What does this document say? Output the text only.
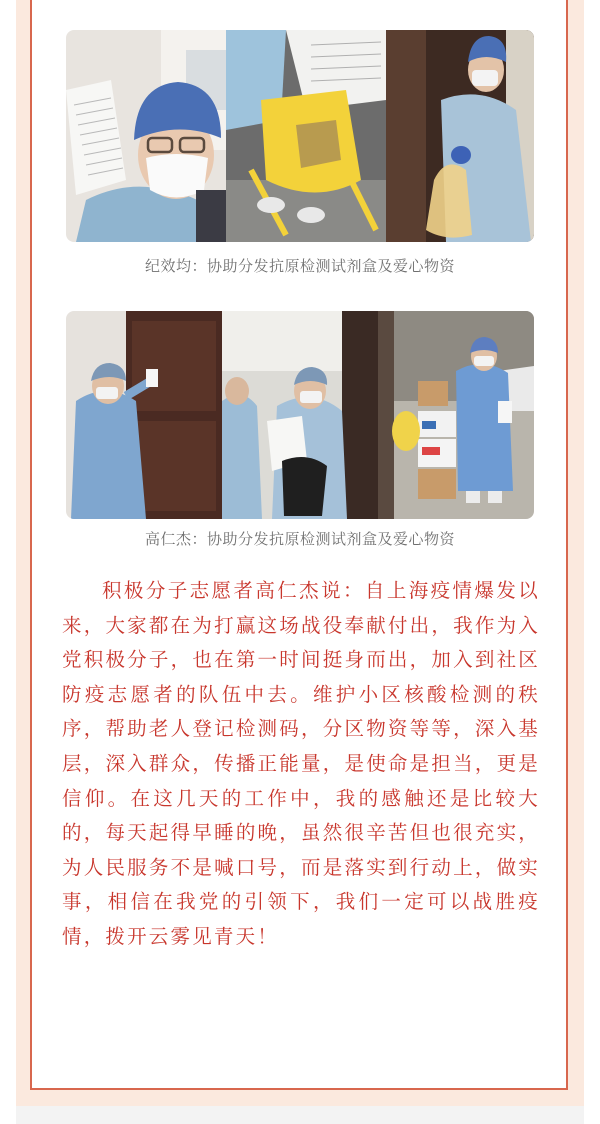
纪效均：协助分发抗原检测试剂盒及爱心物资
高仁杰：协助分发抗原检测试剂盒及爱心物资

积极分子志愿者高仁杰说：自上海疫情爆发以来，大家都在为打赢这场战役奉献付出，我作为入党积极分子，也在第一时间挺身而出，加入到社区防疫志愿者的队伍中去。维护小区核酸检测的秩序，帮助老人登记检测码，分区物资等等，深入基层，深入群众，传播正能量，是使命是担当，更是信仰。在这几天的工作中，我的感触还是比较大的，每天起得早睡的晚，虽然很辛苦但也很充实，为人民服务不是喊口号，而是落实到行动上，做实事，相信在我党的引领下，我们一定可以战胜疫情，拨开云雾见青天！
